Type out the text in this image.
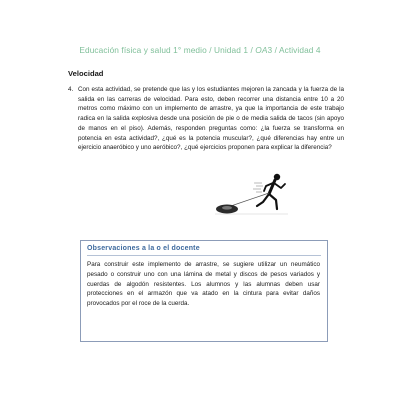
Educación física y salud 1° medio / Unidad 1 / OA3 / Actividad 4
Velocidad
4. Con esta actividad, se pretende que las y los estudiantes mejoren la zancada y la fuerza de la salida en las carreras de velocidad. Para esto, deben recorrer una distancia entre 10 a 20 metros como máximo con un implemento de arrastre, ya que la importancia de este trabajo radica en la salida explosiva desde una posición de pie o de media salida de tacos (sin apoyo de manos en el piso). Además, responden preguntas como: ¿la fuerza se transforma en potencia en esta actividad?, ¿qué es la potencia muscular?, ¿qué diferencias hay entre un ejercicio anaeróbico y uno aeróbico?, ¿qué ejercicios proponen para explicar la diferencia?
Observaciones a la o el docente
Para construir este implemento de arrastre, se sugiere utilizar un neumático pesado o construir uno con una lámina de metal y discos de pesos variados y cuerdas de algodón resistentes. Los alumnos y las alumnas deben usar protecciones en el armazón que va atado en la cintura para evitar daños provocados por el roce de la cuerda.
